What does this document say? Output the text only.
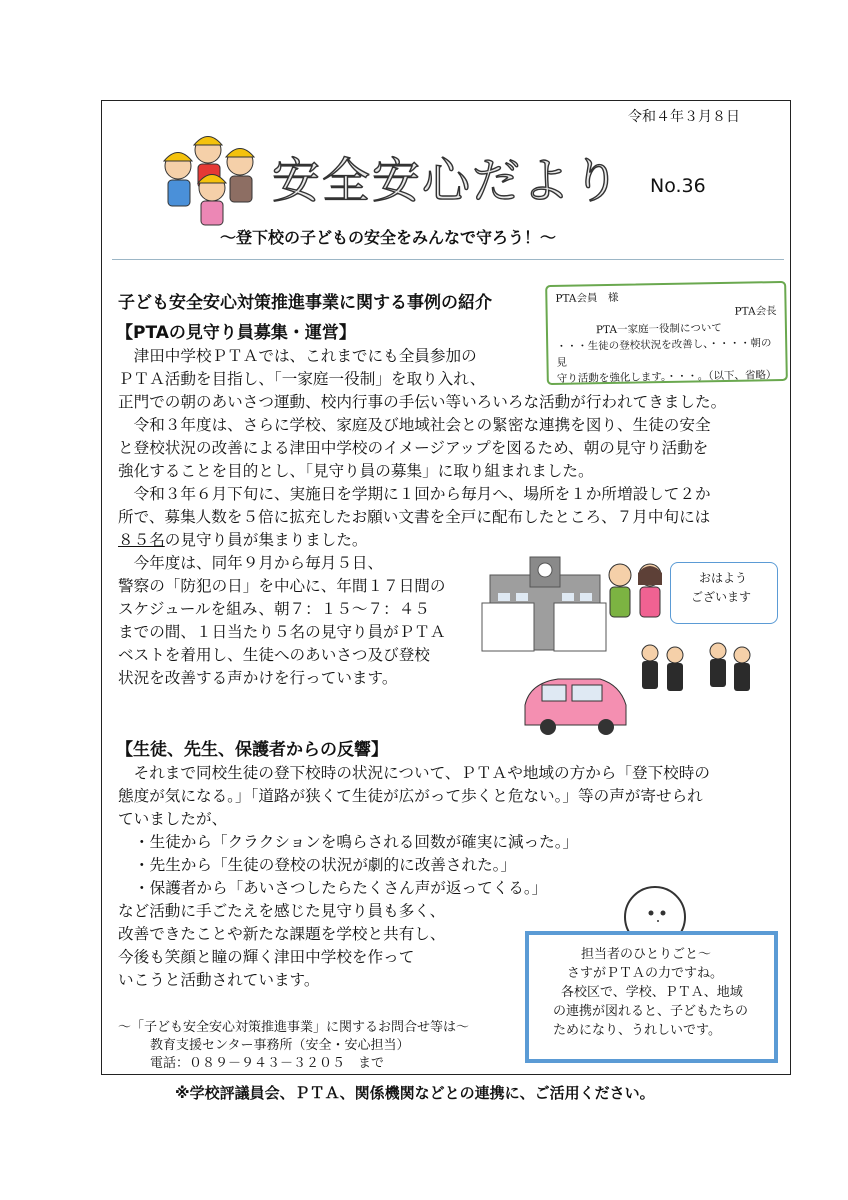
令和４年３月８日
安全安心だより No.36
～登下校の子どもの安全をみんなで守ろう！～
子ども安全安心対策推進事業に関する事例の紹介	PTA会員　様
PTA会長
PTA一家庭一役制について
・・・生徒の登校状況を改善し、・・・・朝の見
守り活動を強化します。・・・。（以下、省略）
【PTAの見守り員募集・運営】
　津田中学校ＰＴＡでは、これまでにも全員参加の
ＰＴＡ活動を目指し、「一家庭一役制」を取り入れ、
正門での朝のあいさつ運動、校内行事の手伝い等いろいろな活動が行われてきました。
　令和３年度は、さらに学校、家庭及び地域社会との緊密な連携を図り、生徒の安全
と登校状況の改善による津田中学校のイメージアップを図るため、朝の見守り活動を
強化することを目的とし、「見守り員の募集」に取り組まれました。
　令和３年６月下旬に、実施日を学期に１回から毎月へ、場所を１か所増設して２か
所で、募集人数を５倍に拡充したお願い文書を全戸に配布したところ、７月中旬には
８５名の見守り員が集まりました。
　今年度は、同年９月から毎月５日、
警察の「防犯の日」を中心に、年間１７日間の
スケジュールを組み、朝７：１５～７：４５
までの間、１日当たり５名の見守り員がＰＴＡ
ベストを着用し、生徒へのあいさつ及び登校
状況を改善する声かけを行っています。
おはよう
ございます
【生徒、先生、保護者からの反響】
　それまで同校生徒の登下校時の状況について、ＰＴＡや地域の方から「登下校時の
態度が気になる。」「道路が狭くて生徒が広がって歩くと危ない。」等の声が寄せられ
ていましたが、
・生徒から「クラクションを鳴らされる回数が確実に減った。」
・先生から「生徒の登校の状況が劇的に改善された。」
・保護者から「あいさつしたらたくさん声が返ってくる。」
など活動に手ごたえを感じた見守り員も多く、
改善できたことや新たな課題を学校と共有し、
今後も笑顔と瞳の輝く津田中学校を作って
いこうと活動されています。
～「子ども安全安心対策推進事業」に関するお問合せ等は～
教育支援センター事務所（安全・安心担当）
電話：０８９－９４３－３２０５　まで
担当者のひとりごと～
さすがＰＴＡの力ですね。
各校区で、学校、ＰＴＡ、地域
の連携が図れると、子どもたちの
ためになり、うれしいです。
※学校評議員会、ＰＴＡ、関係機関などとの連携に、ご活用ください。
